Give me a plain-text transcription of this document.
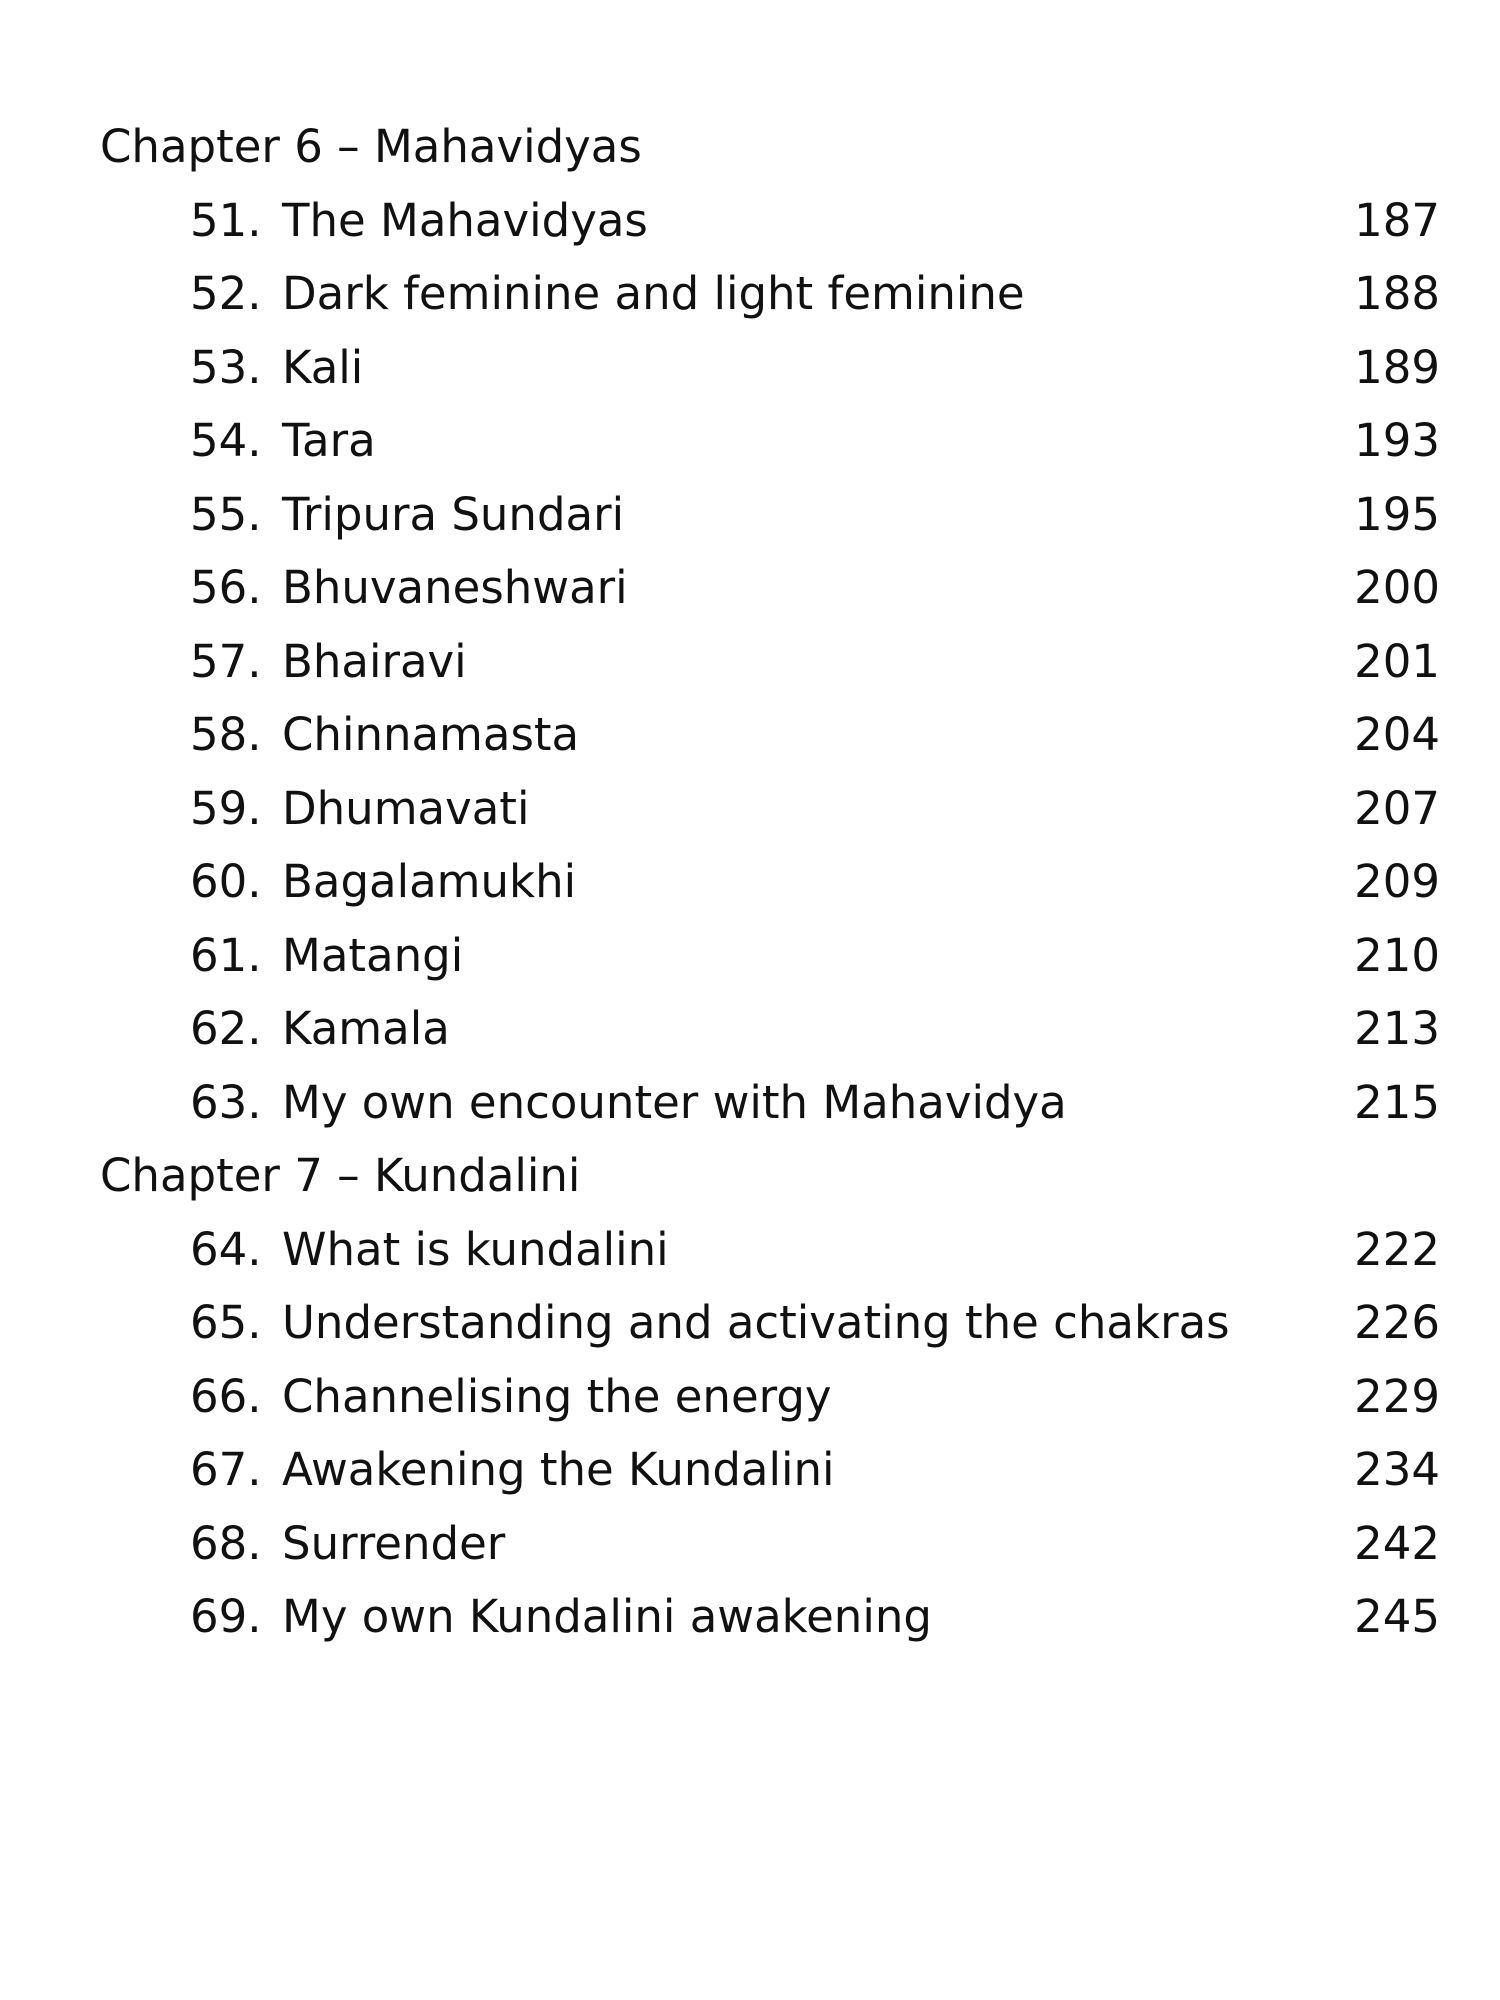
Chapter 6 – Mahavidyas
51. The Mahavidyas	187
52. Dark feminine and light feminine	188
53. Kali	189
54. Tara	193
55. Tripura Sundari	195
56. Bhuvaneshwari	200
57. Bhairavi	201
58. Chinnamasta	204
59. Dhumavati	207
60. Bagalamukhi	209
61. Matangi	210
62. Kamala	213
63. My own encounter with Mahavidya	215
Chapter 7 – Kundalini
64. What is kundalini	222
65. Understanding and activating the chakras	226
66. Channelising the energy	229
67. Awakening the Kundalini	234
68. Surrender	242
69. My own Kundalini awakening	245
